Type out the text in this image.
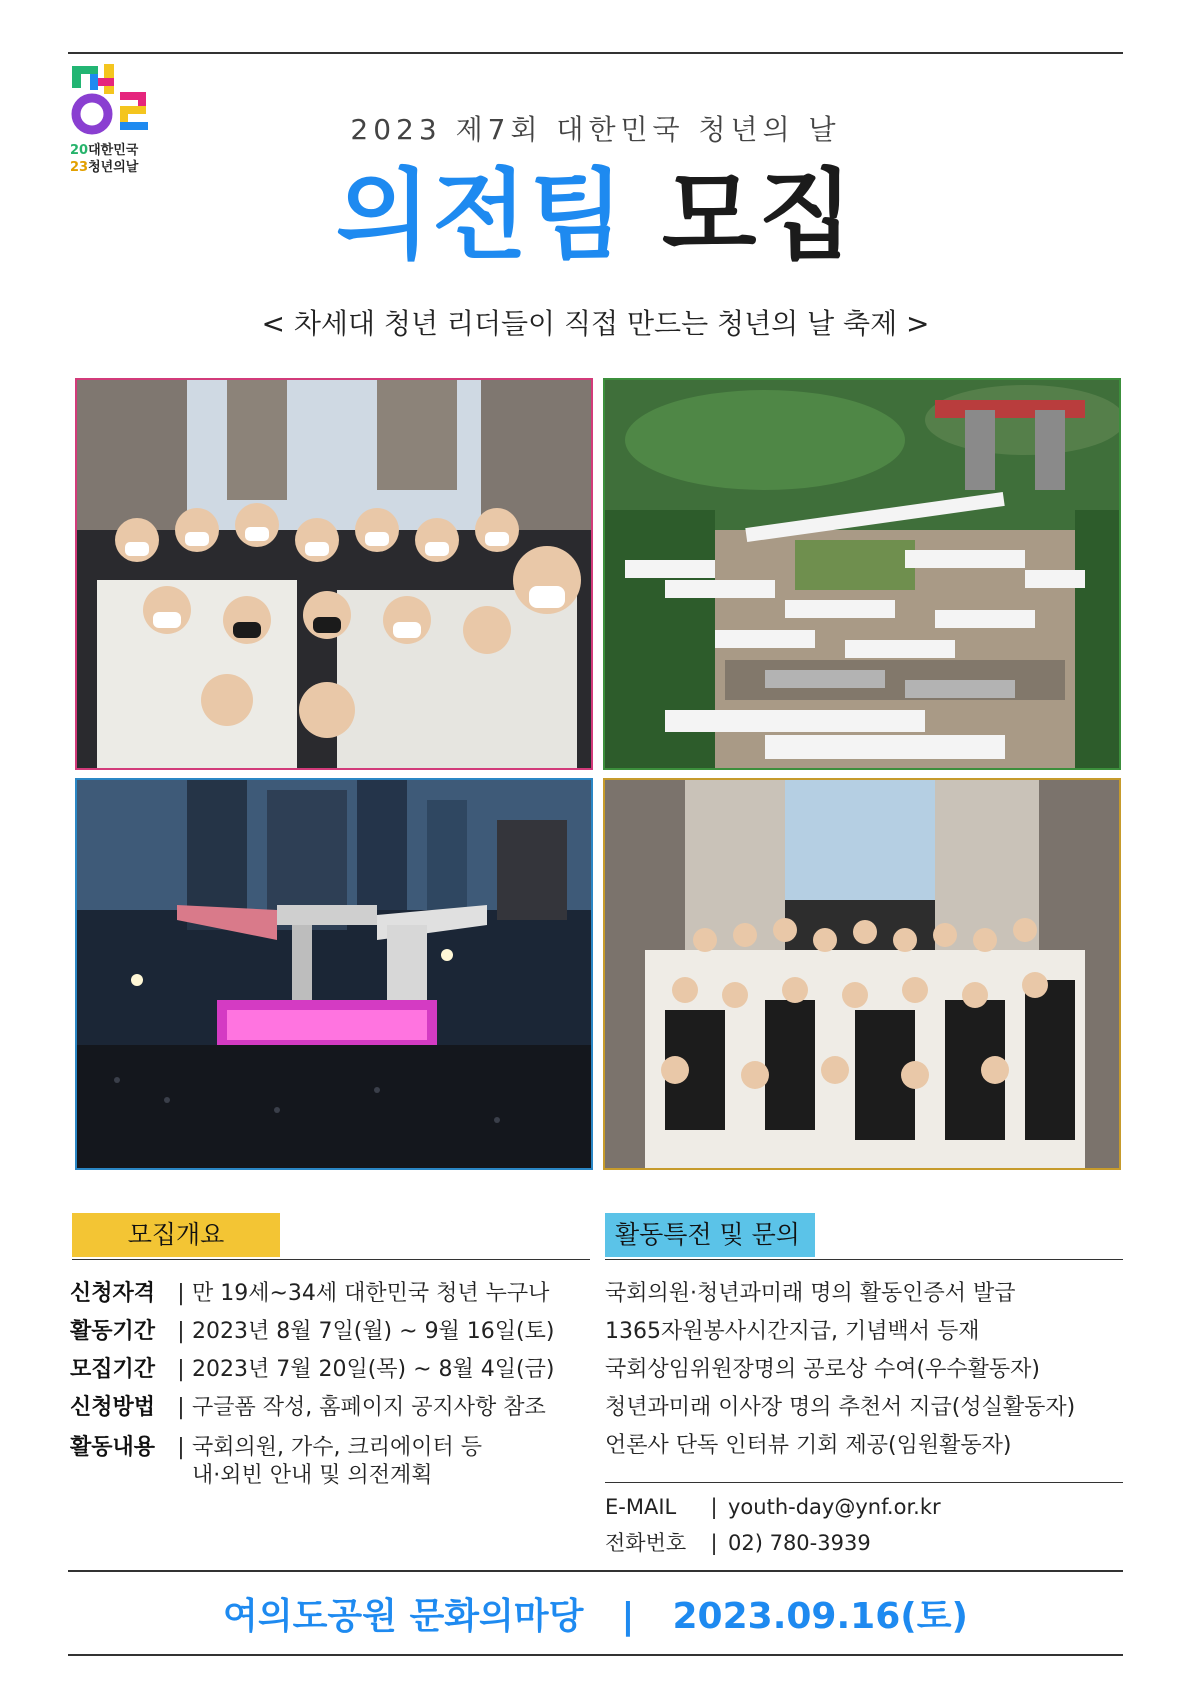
20대한민국
23청년의날
2023 제7회 대한민국 청년의 날
의전팀 모집
< 차세대 청년 리더들이 직접 만드는 청년의 날 축제 >
모집개요
신청자격 | 만 19세~34세 대한민국 청년 누구나
활동기간 | 2023년 8월 7일(월) ~ 9월 16일(토)
모집기간 | 2023년 7월 20일(목) ~ 8월 4일(금)
신청방법 | 구글폼 작성, 홈페이지 공지사항 참조
활동내용 | 국회의원, 가수, 크리에이터 등
내·외빈 안내 및 의전계획
활동특전 및 문의
국회의원·청년과미래 명의 활동인증서 발급
1365자원봉사시간지급, 기념백서 등재
국회상임위원장명의 공로상 수여(우수활동자)
청년과미래 이사장 명의 추천서 지급(성실활동자)
언론사 단독 인터뷰 기회 제공(임원활동자)
E-MAIL | youth-day@ynf.or.kr
전화번호 | 02) 780-3939
여의도공원 문화의마당 | 2023.09.16(토)
